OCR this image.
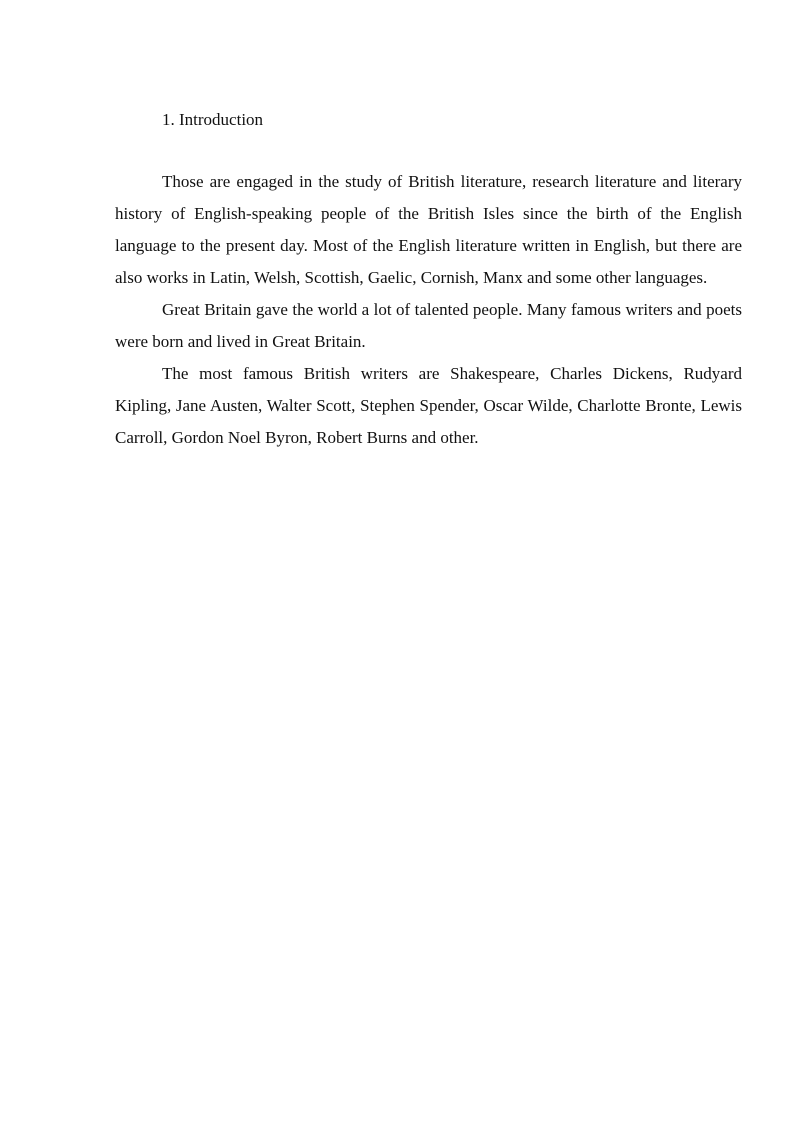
1. Introduction

Those are engaged in the study of British literature, research literature and literary history of English-speaking people of the British Isles since the birth of the English language to the present day. Most of the English literature written in English, but there are also works in Latin, Welsh, Scottish, Gaelic, Cornish, Manx and some other languages.

Great Britain gave the world a lot of talented people. Many famous writers and poets were born and lived in Great Britain.

The most famous British writers are Shakespeare, Charles Dickens, Rudyard Kipling, Jane Austen, Walter Scott, Stephen Spender, Oscar Wilde, Charlotte Bronte, Lewis Carroll, Gordon Noel Byron, Robert Burns and other.
